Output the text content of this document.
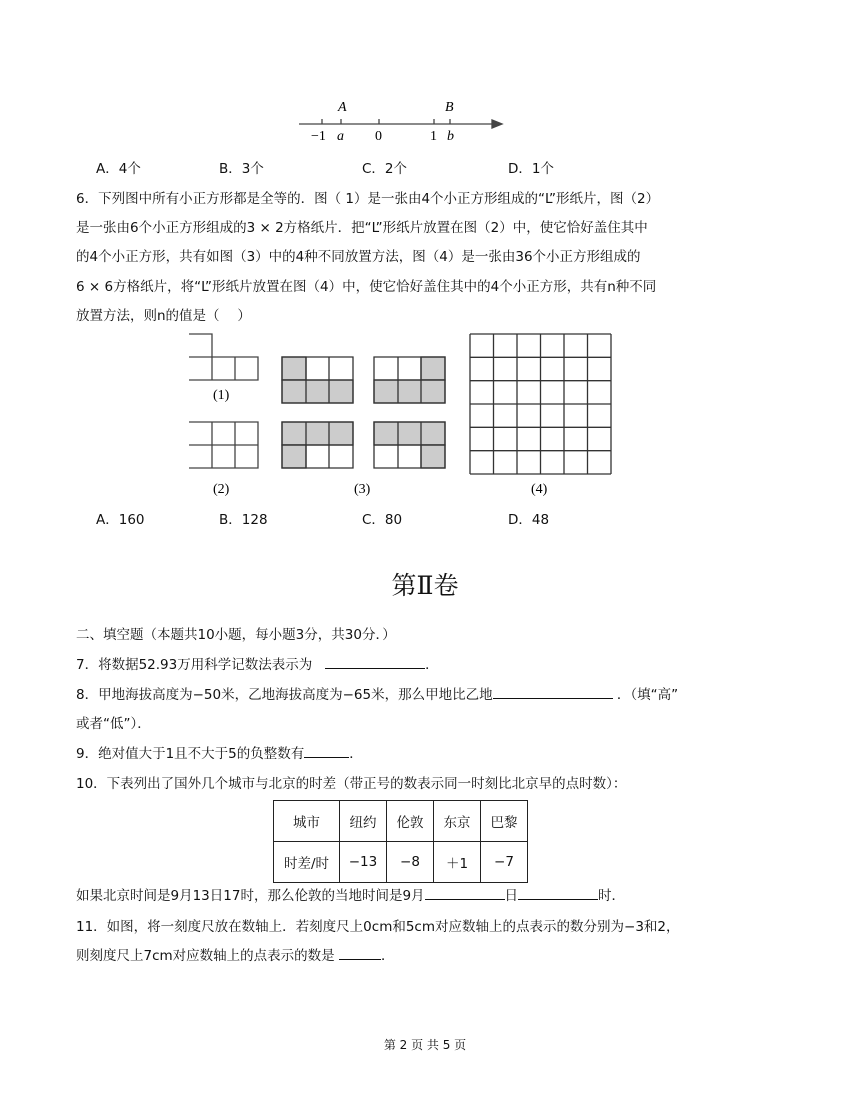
A	B
−1 a 0	1 b
(1)
(2)	(3)	(4)
A．4个	B．3个	C．2个	D．1个
6．下列图中所有小正方形都是全等的．图（ 1）是一张由4个小正方形组成的“L”形纸片，图（2）
是一张由6个小正方形组成的3 × 2方格纸片．把“L”形纸片放置在图（2）中，使它恰好盖住其中
的4个小正方形，共有如图（3）中的4种不同放置方法，图（4）是一张由36个小正方形组成的
6 × 6方格纸片，将“L”形纸片放置在图（4）中，使它恰好盖住其中的4个小正方形，共有n种不同
放置方法，则n的值是（　 ）
A．160	B．128	C．80	D．48
第Ⅱ卷
二、填空题（本题共10小题，每小题3分，共30分．）
7．将数据52.93万用科学记数法表示为	．
8．甲地海拔高度为−50米，乙地海拔高度为−65米，那么甲地比乙地	．（填“高”
或者“低”）．
9．绝对值大于1且不大于5的负整数有	．
10．下表列出了国外几个城市与北京的时差（带正号的数表示同一时刻比北京早的点时数）：
城市	纽约	伦敦	东京	巴黎
时差/时	−13	−8	＋1	−7
如果北京时间是9月13日17时，那么伦敦的当地时间是9月	日	时．
11．如图，将一刻度尺放在数轴上．若刻度尺上0cm和5cm对应数轴上的点表示的数分别为−3和2，
则刻度尺上7cm对应数轴上的点表示的数是	．
第 2 页 共 5 页
